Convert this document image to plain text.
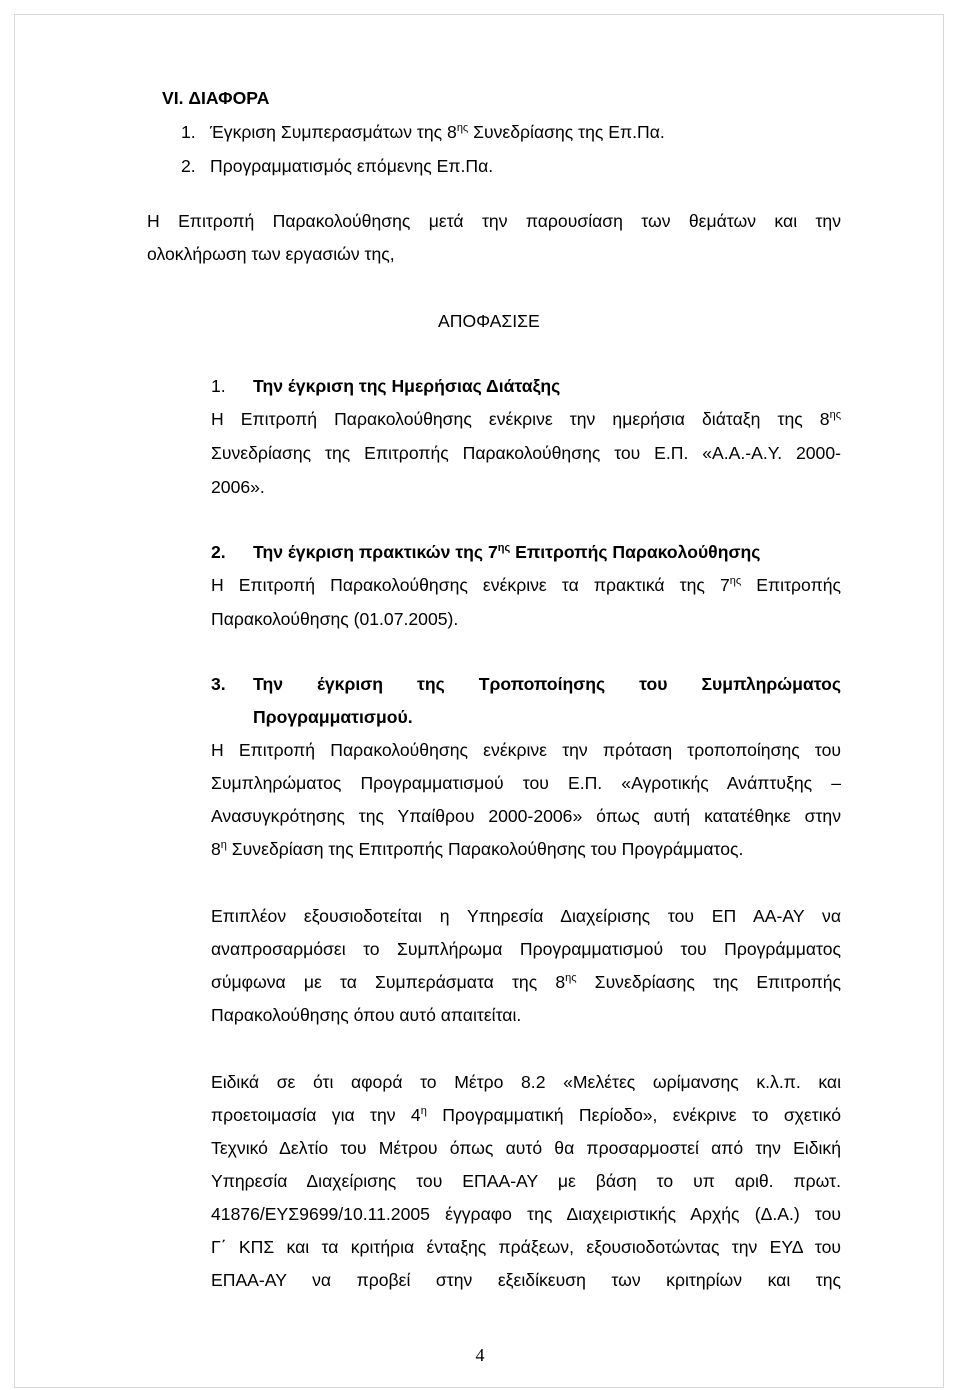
VI. ΔΙΑΦΟΡΑ
1. Έγκριση Συμπερασμάτων της $8^{\eta\varsigma}$ Συνεδρίασης της Επ.Πα.
2. Προγραμματισμός επόμενης Επ.Πα.
Η Επιτροπή Παρακολούθησης μετά την παρουσίαση των θεμάτων και την
ολοκλήρωση των εργασιών της,
ΑΠΟΦΑΣΙΣΕ
1. Την έγκριση της Ημερήσιας Διάταξης
Η Επιτροπή Παρακολούθησης ενέκρινε την ημερήσια διάταξη της $8^{\eta\varsigma}$
Συνεδρίασης της Επιτροπής Παρακολούθησης του Ε.Π. «Α.Α.-Α.Υ. 2000-
2006».
2. Την έγκριση πρακτικών της $7^{\eta\varsigma}$ Επιτροπής Παρακολούθησης
Η Επιτροπή Παρακολούθησης ενέκρινε τα πρακτικά της $7^{\eta\varsigma}$ Επιτροπής
Παρακολούθησης (01.07.2005).
3.	Την έγκριση της Τροποποίησης του Συμπληρώματος
Προγραμματισμού.
Η Επιτροπή Παρακολούθησης ενέκρινε την πρόταση τροποποίησης του
Συμπληρώματος Προγραμματισμού του Ε.Π. «Αγροτικής Ανάπτυξης –
Ανασυγκρότησης της Υπαίθρου 2000-2006» όπως αυτή κατατέθηκε στην
$8^\eta$ Συνεδρίαση της Επιτροπής Παρακολούθησης του Προγράμματος.
Επιπλέον εξουσιοδοτείται η Υπηρεσία Διαχείρισης του ΕΠ ΑΑ-ΑΥ να
αναπροσαρμόσει το Συμπλήρωμα Προγραμματισμού του Προγράμματος
σύμφωνα με τα Συμπεράσματα της $8^{\eta\varsigma}$ Συνεδρίασης της Επιτροπής
Παρακολούθησης όπου αυτό απαιτείται.
Ειδικά σε ότι αφορά το Μέτρο 8.2 «Μελέτες ωρίμανσης κ.λ.π. και
προετοιμασία για την $4^\eta$ Προγραμματική Περίοδο», ενέκρινε το σχετικό
Τεχνικό Δελτίο του Μέτρου όπως αυτό θα προσαρμοστεί από την Ειδική
Υπηρεσία Διαχείρισης του ΕΠΑΑ-ΑΥ με βάση το υπ αριθ. πρωτ.
41876/ΕΥΣ9699/10.11.2005 έγγραφο της Διαχειριστικής Αρχής (Δ.Α.) του
Γ΄ ΚΠΣ και τα κριτήρια ένταξης πράξεων, εξουσιοδοτώντας την ΕΥΔ του
ΕΠΑΑ-ΑΥ να προβεί στην εξειδίκευση των κριτηρίων και της
4
